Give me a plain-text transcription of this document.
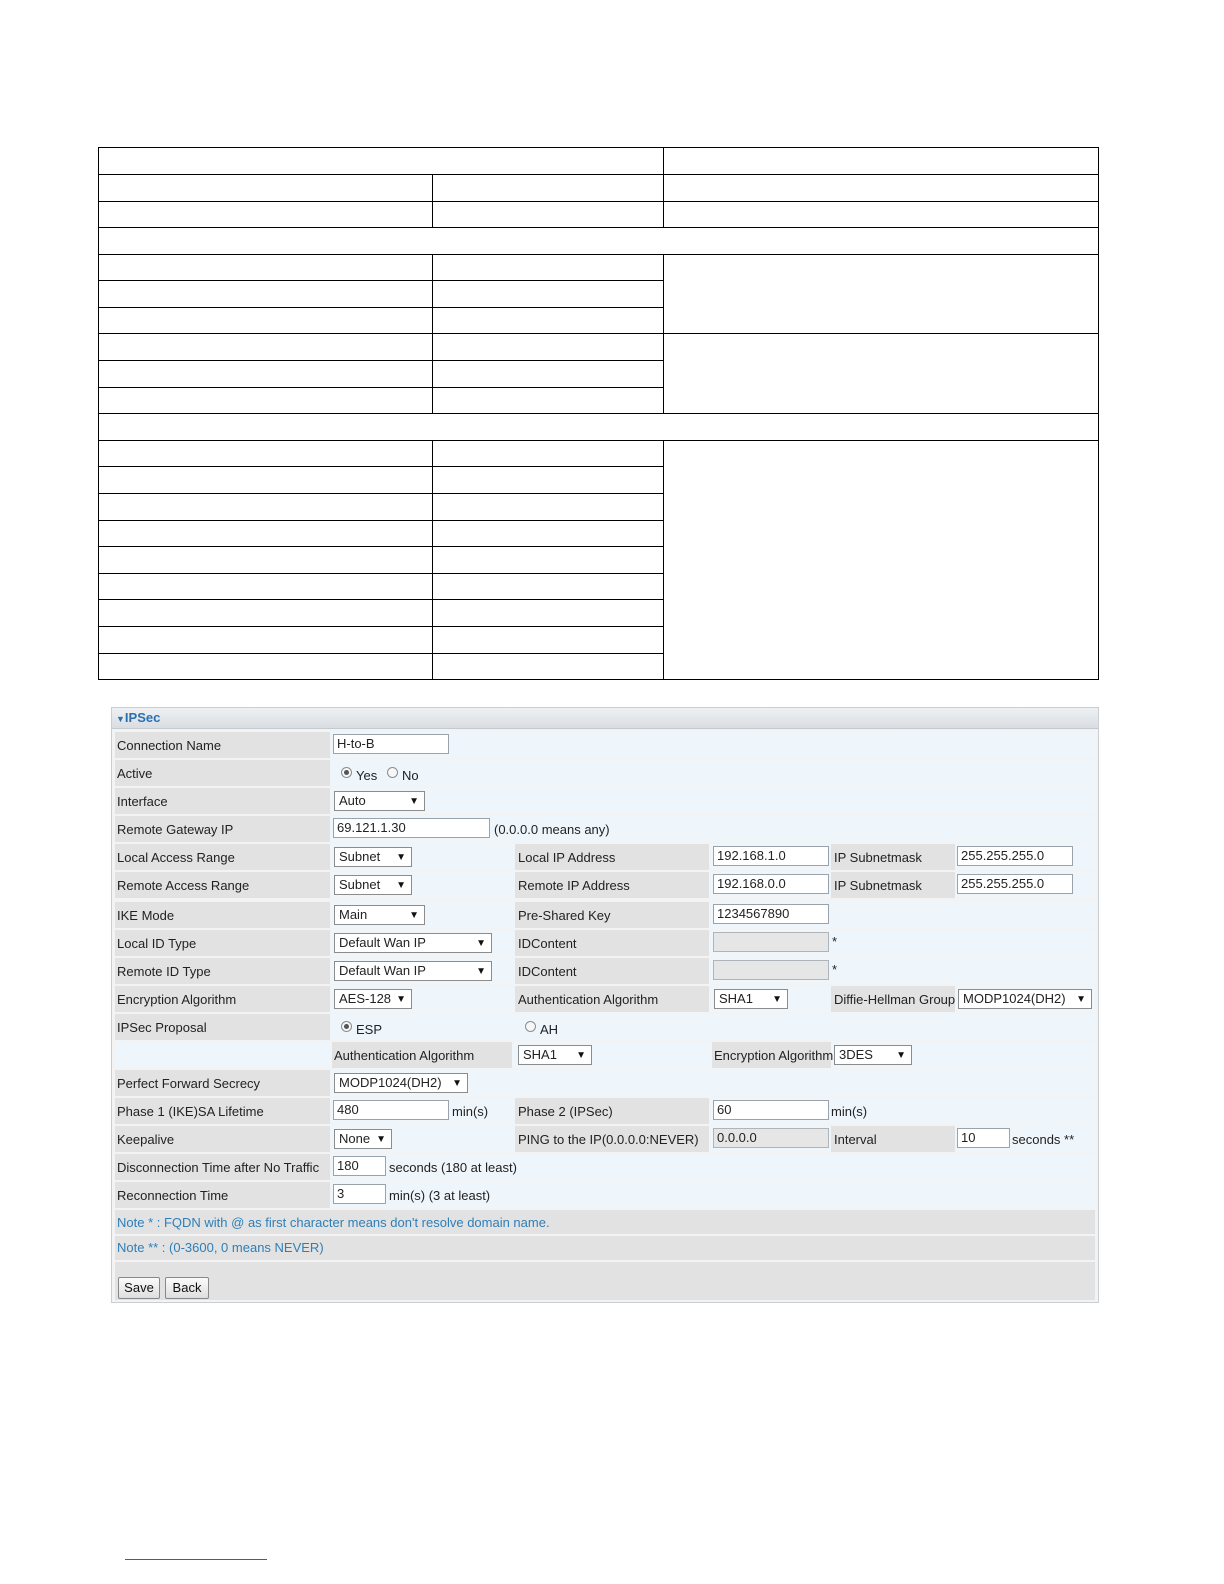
▼IPSec
Connection Name	H-to-B
Active	Yes No
Interface	Auto	▼
Remote Gateway IP	69.121.1.30	(0.0.0.0 means any)
Local Access Range	Subnet ▼	Local IP Address	192.168.1.0	IP Subnetmask	255.255.255.0
Remote Access Range	Subnet ▼	Remote IP Address	192.168.0.0	IP Subnetmask	255.255.255.0
IKE Mode	Main	▼	Pre-Shared Key	1234567890
Local ID Type	Default Wan IP	▼ IDContent	*
Remote ID Type	Default Wan IP	▼ IDContent	*
Encryption Algorithm	AES-128 ▼	Authentication Algorithm	SHA1 ▼	Diffie-Hellman Group MODP1024(DH2) ▼
IPSec Proposal	ESP	AH
Authentication Algorithm	SHA1 ▼	Encryption Algorithm 3DES ▼
Perfect Forward Secrecy	MODP1024(DH2) ▼
Phase 1 (IKE)SA Lifetime	480	min(s) Phase 2 (IPSec)	60	min(s)
Keepalive	None ▼	PING to the IP(0.0.0.0:NEVER)	0.0.0.0	Interval	10	seconds **
Disconnection Time after No Traffic	180	seconds (180 at least)
Reconnection Time	3	min(s) (3 at least)
Note * : FQDN with @ as first character means don't resolve domain name.
Note ** : (0-3600, 0 means NEVER)
Save	Back
